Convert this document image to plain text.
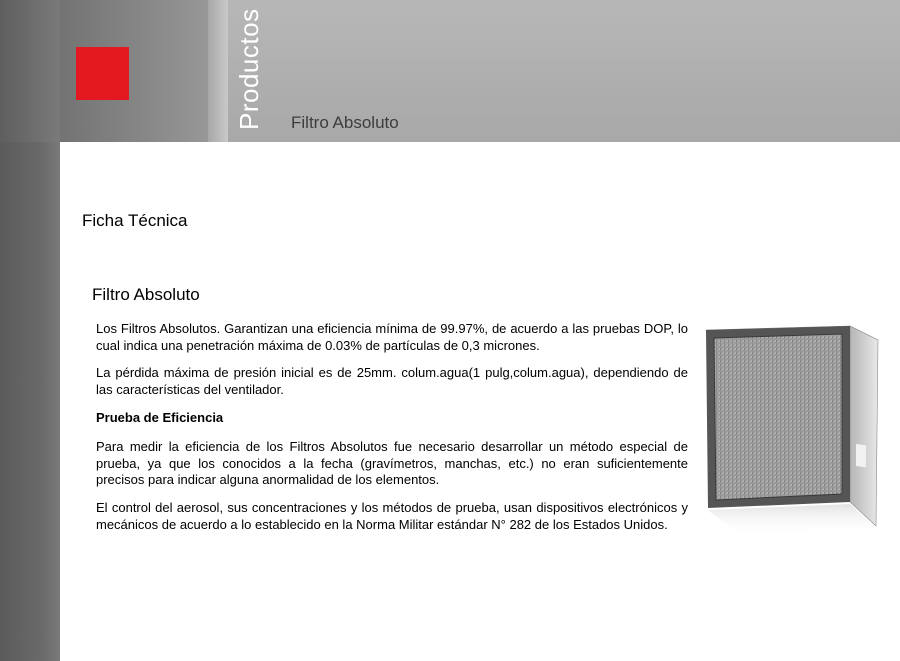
Productos Filtro Absoluto
Ficha Técnica
Filtro Absoluto

Los Filtros Absolutos. Garantizan una eficiencia mínima de 99.97%, de acuerdo a las pruebas DOP, lo cual indica una penetración máxima de 0.03% de partículas de 0,3 micrones.

La pérdida máxima de presión inicial es de 25mm. colum.agua(1 pulg,colum.agua), dependiendo de las características del ventilador.

Prueba de Eficiencia

Para medir la eficiencia de los Filtros Absolutos fue necesario desarrollar un método especial de prueba, ya que los conocidos a la fecha (gravímetros, manchas, etc.) no eran suficientemente precisos para indicar alguna anormalidad de los elementos.

El control del aerosol, sus concentraciones y los métodos de prueba, usan dispositivos electrónicos y mecánicos de acuerdo a lo establecido en la Norma Militar estándar N° 282 de los Estados Unidos.
